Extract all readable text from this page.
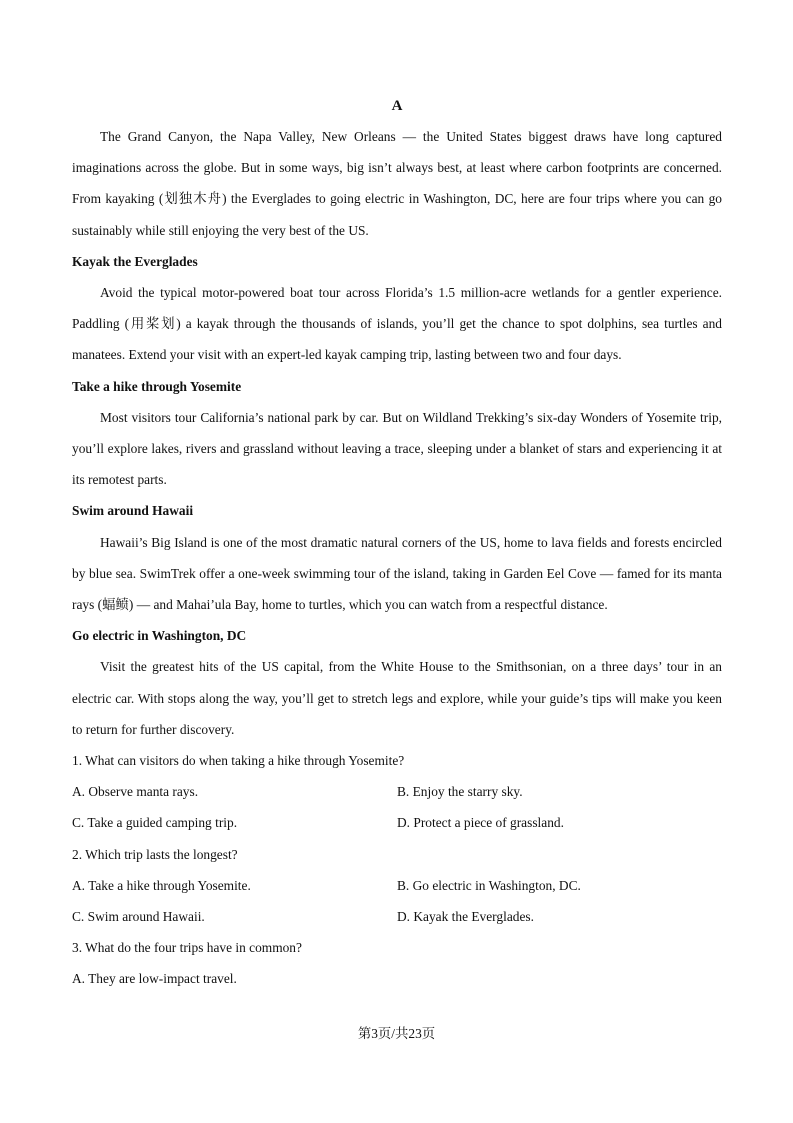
A

The Grand Canyon, the Napa Valley, New Orleans — the United States biggest draws have long captured imaginations across the globe. But in some ways, big isn’t always best, at least where carbon footprints are concerned. From kayaking (划独木舟) the Everglades to going electric in Washington, DC, here are four trips where you can go sustainably while still enjoying the very best of the US.

Kayak the Everglades

Avoid the typical motor-powered boat tour across Florida’s 1.5 million-acre wetlands for a gentler experience. Paddling (用桨划) a kayak through the thousands of islands, you’ll get the chance to spot dolphins, sea turtles and manatees. Extend your visit with an expert-led kayak camping trip, lasting between two and four days.

Take a hike through Yosemite

Most visitors tour California’s national park by car. But on Wildland Trekking’s six-day Wonders of Yosemite trip, you’ll explore lakes, rivers and grassland without leaving a trace, sleeping under a blanket of stars and experiencing it at its remotest parts.

Swim around Hawaii

Hawaii’s Big Island is one of the most dramatic natural corners of the US, home to lava fields and forests encircled by blue sea. SwimTrek offer a one-week swimming tour of the island, taking in Garden Eel Cove — famed for its manta rays (蝠鲼) — and Mahai’ula Bay, home to turtles, which you can watch from a respectful distance.

Go electric in Washington, DC

Visit the greatest hits of the US capital, from the White House to the Smithsonian, on a three days’ tour in an electric car. With stops along the way, you’ll get to stretch legs and explore, while your guide’s tips will make you keen to return for further discovery.

1. What can visitors do when taking a hike through Yosemite?
A. Observe manta rays.	B. Enjoy the starry sky.
C. Take a guided camping trip.	D. Protect a piece of grassland.
2. Which trip lasts the longest?
A. Take a hike through Yosemite.	B. Go electric in Washington, DC.
C. Swim around Hawaii.	D. Kayak the Everglades.
3. What do the four trips have in common?
A. They are low-impact travel.
第3页/共23页
